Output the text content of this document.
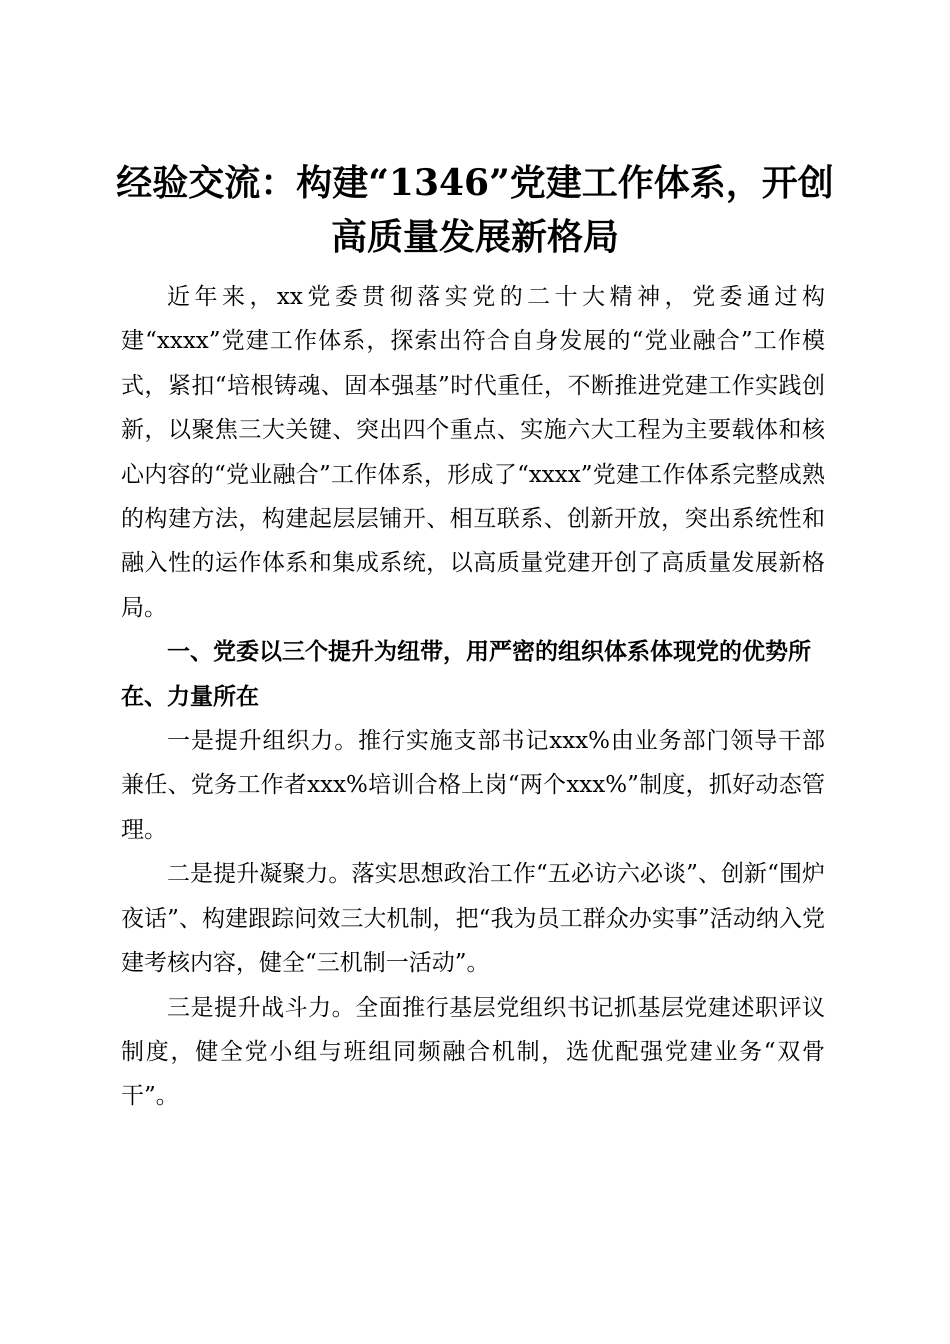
经验交流：构建“1346”党建工作体系，开创
高质量发展新格局

近年来，xx党委贯彻落实党的二十大精神，党委通过构建“xxxx”党建工作体系，探索出符合自身发展的“党业融合”工作模式，紧扣“培根铸魂、固本强基”时代重任，不断推进党建工作实践创新，以聚焦三大关键、突出四个重点、实施六大工程为主要载体和核心内容的“党业融合”工作体系，形成了“xxxx”党建工作体系完整成熟的构建方法，构建起层层铺开、相互联系、创新开放，突出系统性和融入性的运作体系和集成系统，以高质量党建开创了高质量发展新格局。

一、党委以三个提升为纽带，用严密的组织体系体现党的优势所在、力量所在

一是提升组织力。推行实施支部书记xxx%由业务部门领导干部兼任、党务工作者xxx%培训合格上岗“两个xxx%”制度，抓好动态管理。

二是提升凝聚力。落实思想政治工作“五必访六必谈”、创新“围炉夜话”、构建跟踪问效三大机制，把“我为员工群众办实事”活动纳入党建考核内容，健全“三机制一活动”。

三是提升战斗力。全面推行基层党组织书记抓基层党建述职评议制度，健全党小组与班组同频融合机制，选优配强党建业务“双骨干”。
